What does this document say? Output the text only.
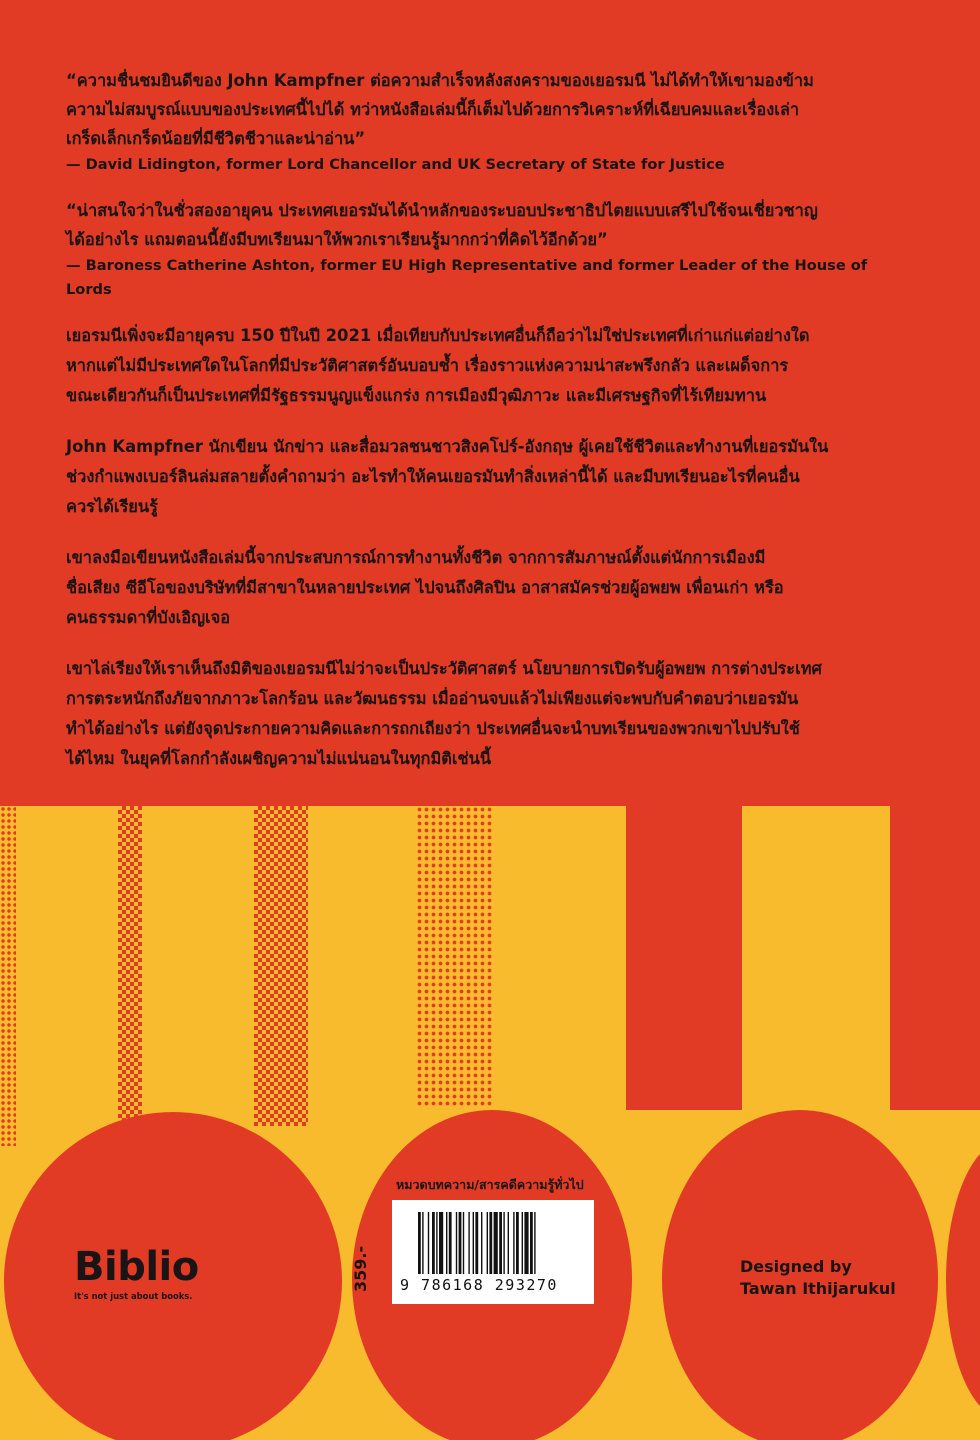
“ความชื่นชมยินดีของ John Kampfner ต่อความสำเร็จหลังสงครามของเยอรมนี ไม่ได้ทำให้เขามองข้าม

ความไม่สมบูรณ์แบบของประเทศนี้ไปได้ ทว่าหนังสือเล่มนี้ก็เต็มไปด้วยการวิเคราะห์ที่เฉียบคมและเรื่องเล่า

เกร็ดเล็กเกร็ดน้อยที่มีชีวิตชีวาและน่าอ่าน”

— David Lidington, former Lord Chancellor and UK Secretary of State for Justice

“น่าสนใจว่าในชั่วสองอายุคน ประเทศเยอรมันได้นำหลักของระบอบประชาธิปไตยแบบเสรีไปใช้จนเชี่ยวชาญ

ได้อย่างไร แถมตอนนี้ยังมีบทเรียนมาให้พวกเราเรียนรู้มากกว่าที่คิดไว้อีกด้วย”

— Baroness Catherine Ashton, former EU High Representative and former Leader of the House of Lords

เยอรมนีเพิ่งจะมีอายุครบ 150 ปีในปี 2021 เมื่อเทียบกับประเทศอื่นก็ถือว่าไม่ใช่ประเทศที่เก่าแก่แต่อย่างใด
หากแต่ไม่มีประเทศใดในโลกที่มีประวัติศาสตร์อันบอบช้ำ เรื่องราวแห่งความน่าสะพรึงกลัว และเผด็จการ
ขณะเดียวกันก็เป็นประเทศที่มีรัฐธรรมนูญแข็งแกร่ง การเมืองมีวุฒิภาวะ และมีเศรษฐกิจที่ไร้เทียมทาน
John Kampfner นักเขียน นักข่าว และสื่อมวลชนชาวสิงคโปร์-อังกฤษ ผู้เคยใช้ชีวิตและทำงานที่เยอรมันใน
ช่วงกำแพงเบอร์ลินล่มสลายตั้งคำถามว่า อะไรทำให้คนเยอรมันทำสิ่งเหล่านี้ได้ และมีบทเรียนอะไรที่คนอื่น
ควรได้เรียนรู้
เขาลงมือเขียนหนังสือเล่มนี้จากประสบการณ์การทำงานทั้งชีวิต จากการสัมภาษณ์ตั้งแต่นักการเมืองมี
ชื่อเสียง ซีอีโอของบริษัทที่มีสาขาในหลายประเทศ ไปจนถึงศิลปิน อาสาสมัครช่วยผู้อพยพ เพื่อนเก่า หรือ
คนธรรมดาที่บังเอิญเจอ
เขาไล่เรียงให้เราเห็นถึงมิติของเยอรมนีไม่ว่าจะเป็นประวัติศาสตร์ นโยบายการเปิดรับผู้อพยพ การต่างประเทศ
การตระหนักถึงภัยจากภาวะโลกร้อน และวัฒนธรรม เมื่ออ่านจบแล้วไม่เพียงแต่จะพบกับคำตอบว่าเยอรมัน
ทำได้อย่างไร แต่ยังจุดประกายความคิดและการถกเถียงว่า ประเทศอื่นจะนำบทเรียนของพวกเขาไปปรับใช้
ได้ไหม ในยุคที่โลกกำลังเผชิญความไม่แน่นอนในทุกมิติเช่นนี้
Biblio
It's not just about books.
หมวดบทความ/สารคดีความรู้ทั่วไป
359.- 9 786168 293270
Designed by
Tawan Ithijarukul
